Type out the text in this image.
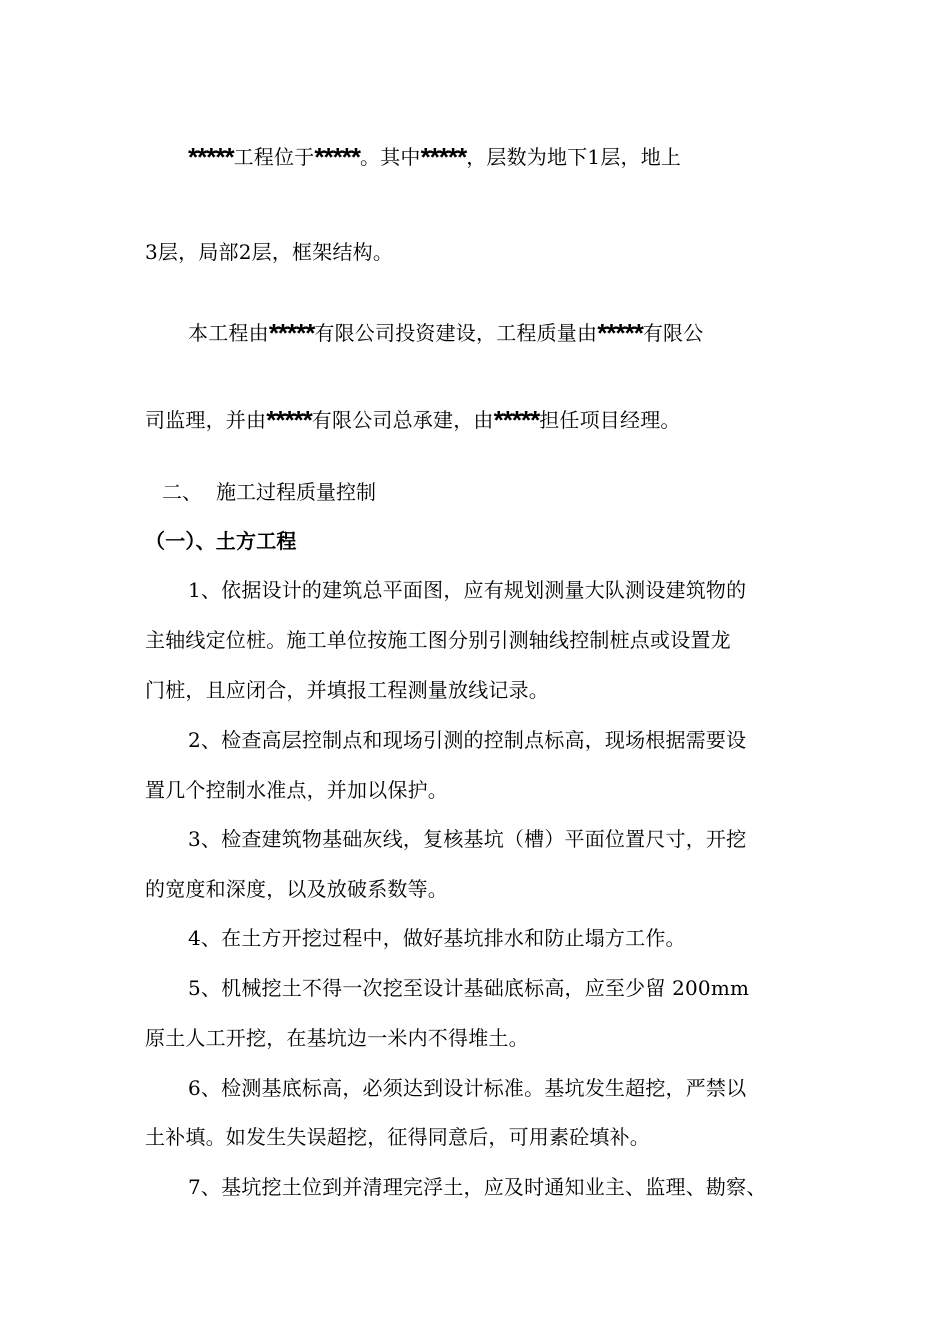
*****工程位于*****。其中*****，层数为地下1层，地上
3层，局部2层，框架结构。
本工程由*****有限公司投资建设，工程质量由*****有限公
司监理，并由*****有限公司总承建，由*****担任项目经理。
二、 施工过程质量控制
（一）、土方工程
1、依据设计的建筑总平面图，应有规划测量大队测设建筑物的
主轴线定位桩。施工单位按施工图分别引测轴线控制桩点或设置龙
门桩，且应闭合，并填报工程测量放线记录。
2、检查高层控制点和现场引测的控制点标高，现场根据需要设
置几个控制水准点，并加以保护。
3、检查建筑物基础灰线，复核基坑（槽）平面位置尺寸，开挖
的宽度和深度，以及放破系数等。
4、在土方开挖过程中，做好基坑排水和防止塌方工作。
5、机械挖土不得一次挖至设计基础底标高，应至少留 200mm
原土人工开挖，在基坑边一米内不得堆土。
6、检测基底标高，必须达到设计标准。基坑发生超挖，严禁以
土补填。如发生失误超挖，征得同意后，可用素砼填补。
7、基坑挖土位到并清理完浮土，应及时通知业主、监理、勘察、
